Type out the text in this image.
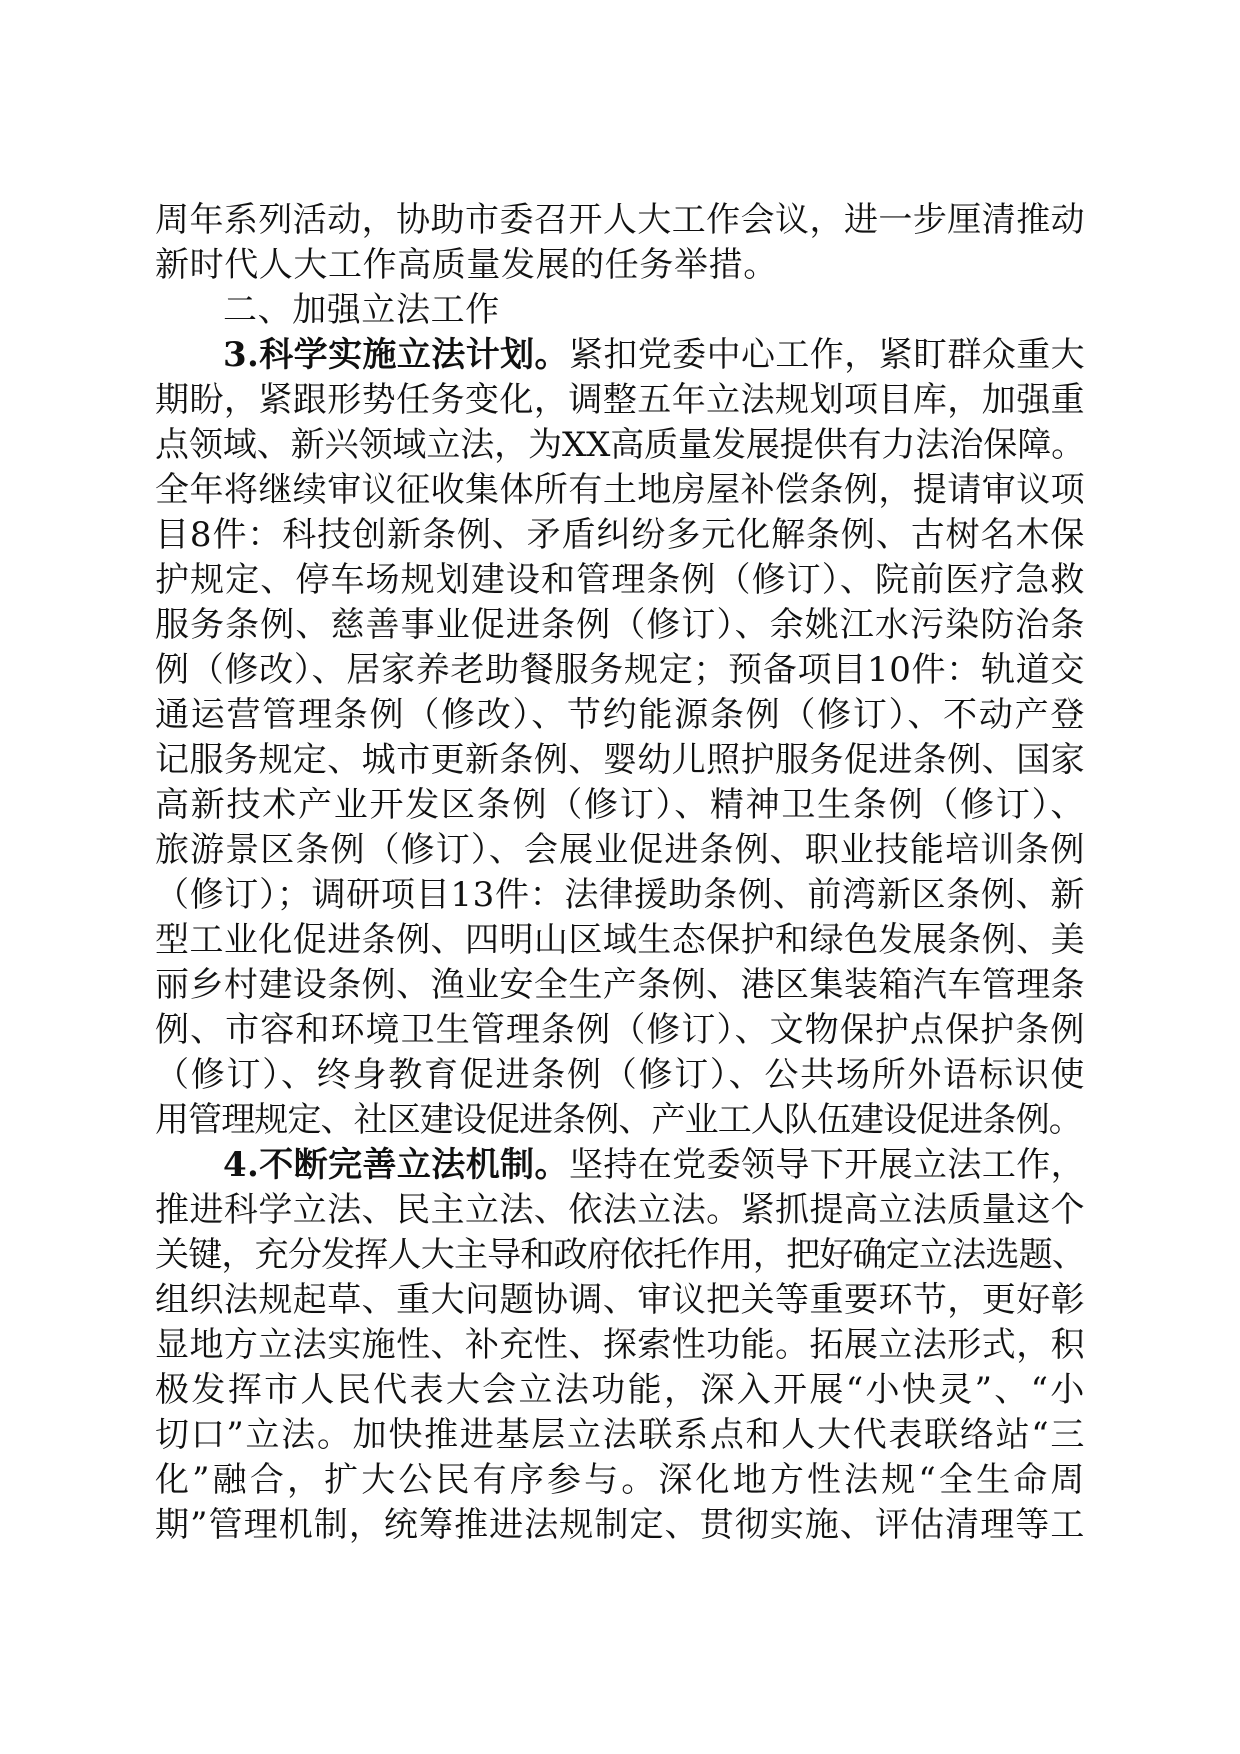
周年系列活动，协助市委召开人大工作会议，进一步厘清推动
新时代人大工作高质量发展的任务举措。
二、加强立法工作
3.科学实施立法计划。紧扣党委中心工作，紧盯群众重大
期盼，紧跟形势任务变化，调整五年立法规划项目库，加强重
点领域、新兴领域立法，为XX高质量发展提供有力法治保障。
全年将继续审议征收集体所有土地房屋补偿条例，提请审议项
目8件：科技创新条例、矛盾纠纷多元化解条例、古树名木保
护规定、停车场规划建设和管理条例（修订）、院前医疗急救
服务条例、慈善事业促进条例（修订）、余姚江水污染防治条
例（修改）、居家养老助餐服务规定；预备项目10件：轨道交
通运营管理条例（修改）、节约能源条例（修订）、不动产登
记服务规定、城市更新条例、婴幼儿照护服务促进条例、国家
高新技术产业开发区条例（修订）、精神卫生条例（修订）、
旅游景区条例（修订）、会展业促进条例、职业技能培训条例
（修订）；调研项目13件：法律援助条例、前湾新区条例、新
型工业化促进条例、四明山区域生态保护和绿色发展条例、美
丽乡村建设条例、渔业安全生产条例、港区集装箱汽车管理条
例、市容和环境卫生管理条例（修订）、文物保护点保护条例
（修订）、终身教育促进条例（修订）、公共场所外语标识使
用管理规定、社区建设促进条例、产业工人队伍建设促进条例。
4.不断完善立法机制。坚持在党委领导下开展立法工作，
推进科学立法、民主立法、依法立法。紧抓提高立法质量这个
关键，充分发挥人大主导和政府依托作用，把好确定立法选题、
组织法规起草、重大问题协调、审议把关等重要环节，更好彰
显地方立法实施性、补充性、探索性功能。拓展立法形式，积
极发挥市人民代表大会立法功能，深入开展“小快灵”、“小
切口”立法。加快推进基层立法联系点和人大代表联络站“三
化”融合，扩大公民有序参与。深化地方性法规“全生命周
期”管理机制，统筹推进法规制定、贯彻实施、评估清理等工
